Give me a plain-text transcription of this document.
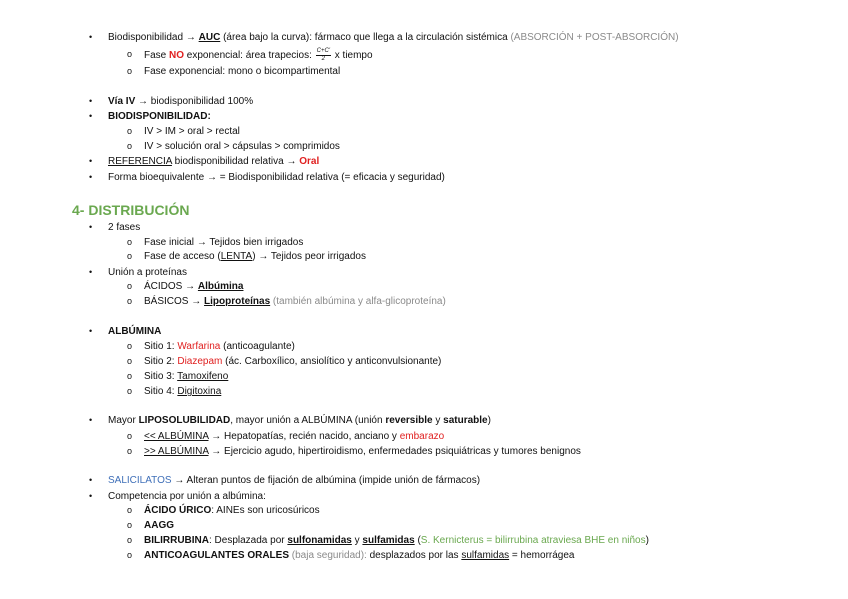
• Biodisponibilidad → AUC (área bajo la curva): fármaco que llega a la circulación sistémica (ABSORCIÓN + POST-ABSORCIÓN)
o Fase NO exponencial: área trapecios: $\frac{C+C'}{2}$ x tiempo
o Fase exponencial: mono o bicompartimental
• Vía IV → biodisponibilidad 100%
• BIODISPONIBILIDAD:
o IV > IM > oral > rectal
o IV > solución oral > cápsulas > comprimidos
• REFERENCIA biodisponibilidad relativa → Oral
• Forma bioequivalente → = Biodisponibilidad relativa (= eficacia y seguridad)
4- DISTRIBUCIÓN
• 2 fases
o Fase inicial → Tejidos bien irrigados
o Fase de acceso (LENTA) → Tejidos peor irrigados
• Unión a proteínas
o ÁCIDOS → Albúmina
o BÁSICOS → Lipoproteínas (también albúmina y alfa-glicoproteína)
• ALBÚMINA
o Sitio 1: Warfarina (anticoagulante)
o Sitio 2: Diazepam (ác. Carboxílico, ansiolítico y anticonvulsionante)
o Sitio 3: Tamoxifeno
o Sitio 4: Digitoxina
• Mayor LIPOSOLUBILIDAD, mayor unión a ALBÚMINA (unión reversible y saturable)
o << ALBÚMINA → Hepatopatías, recién nacido, anciano y embarazo
o >> ALBÚMINA → Ejercicio agudo, hipertiroidismo, enfermedades psiquiátricas y tumores benignos
• SALICILATOS → Alteran puntos de fijación de albúmina (impide unión de fármacos)
• Competencia por unión a albúmina:
o ÁCIDO ÚRICO: AINEs son uricosúricos
o AAGG
o BILIRRUBINA: Desplazada por sulfonamidas y sulfamidas (S. Kernicterus = bilirrubina atraviesa BHE en niños)
o ANTICOAGULANTES ORALES (baja seguridad): desplazados por las sulfamidas = hemorrágea
